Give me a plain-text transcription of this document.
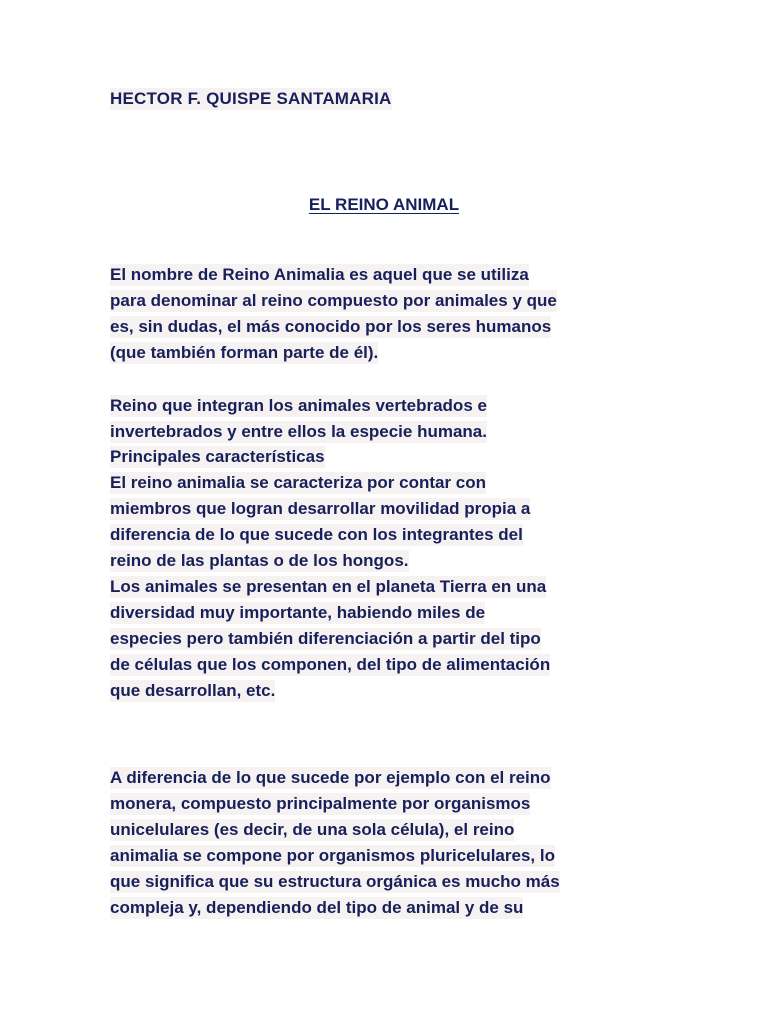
HECTOR F. QUISPE SANTAMARIA
EL REINO ANIMAL
El nombre de Reino Animalia es aquel que se utiliza
para denominar al reino compuesto por animales y que
es, sin dudas, el más conocido por los seres humanos
(que también forman parte de él).
Reino que integran los animales vertebrados e
invertebrados y entre ellos la especie humana.
Principales características
El reino animalia se caracteriza por contar con
miembros que logran desarrollar movilidad propia a
diferencia de lo que sucede con los integrantes del
reino de las plantas o de los hongos.
Los animales se presentan en el planeta Tierra en una
diversidad muy importante, habiendo miles de
especies pero también diferenciación a partir del tipo
de células que los componen, del tipo de alimentación
que desarrollan, etc.
A diferencia de lo que sucede por ejemplo con el reino
monera, compuesto principalmente por organismos
unicelulares (es decir, de una sola célula), el reino
animalia se compone por organismos pluricelulares, lo
que significa que su estructura orgánica es mucho más
compleja y, dependiendo del tipo de animal y de su
